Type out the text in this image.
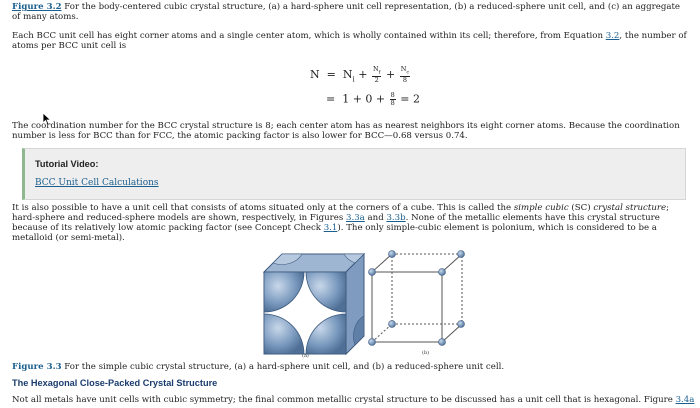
Figure 3.2 For the body-centered cubic crystal structure, (a) a hard-sphere unit cell representation, (b) a reduced-sphere unit cell, and (c) an aggregate of many atoms.
Each BCC unit cell has eight corner atoms and a single center atom, which is wholly contained within its cell; therefore, from Equation 3.2, the number of atoms per BCC unit cell is
$N = N_i + \frac{N_f}{2} + \frac{N_c}{8}$
= $1 + 0 + \frac{8}{8} = 2$
The coordination number for the BCC crystal structure is 8; each center atom has as nearest neighbors its eight corner atoms. Because the coordination number is less for BCC than for FCC, the atomic packing factor is also lower for BCC—0.68 versus 0.74.
Tutorial Video:
BCC Unit Cell Calculations
It is also possible to have a unit cell that consists of atoms situated only at the corners of a cube. This is called the simple cubic (SC) crystal structure; hard-sphere and reduced-sphere models are shown, respectively, in Figures 3.3a and 3.3b. None of the metallic elements have this crystal structure because of its relatively low atomic packing factor (see Concept Check 3.1). The only simple-cubic element is polonium, which is considered to be a metalloid (or semi-metal).
(a)	(b)
Figure 3.3 For the simple cubic crystal structure, (a) a hard-sphere unit cell, and (b) a reduced-sphere unit cell.
The Hexagonal Close-Packed Crystal Structure
Not all metals have unit cells with cubic symmetry; the final common metallic crystal structure to be discussed has a unit cell that is hexagonal. Figure 3.4a
